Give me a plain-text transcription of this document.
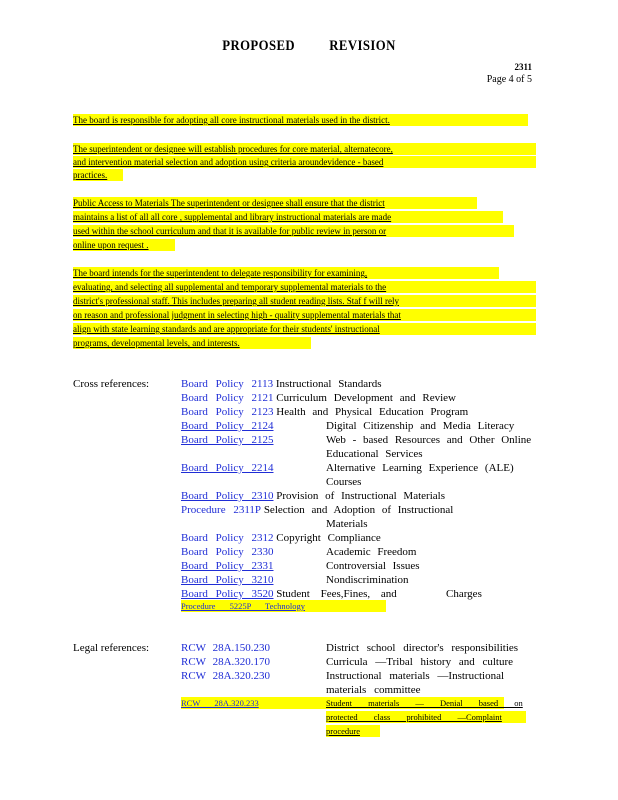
PROPOSED REVISION
2311
Page 4 of 5
The board is responsible for adopting all core instructional materials used in the district.
The superintendent or designee will establish procedures for core material, alternatecore,
and intervention material selection and adoption using criteria aroundevidence - based
practices.
Public Access to Materials The superintendent or designee shall ensure that the district
maintains a list of all all core , supplemental and library instructional materials are made
used within the school curriculum and that it is available for public review in person or
online upon request .
The board intends for the superintendent to delegate responsibility for examining,
evaluating, and selecting all supplemental and temporary supplemental materials to the
district's professional staff. This includes preparing all student reading lists. Staf f will rely
on reason and professional judgment in selecting high - quality supplemental materials that
align with state learning standards and are appropriate for their students' instructional
programs, developmental levels, and interests.
Cross references:	Board Policy 2113 Instructional Standards
Board Policy 2121 Curriculum Development and Review
Board Policy 2123 Health and Physical Education Program
Board Policy 2124	Digital Citizenship and Media Literacy
Board Policy 2125	Web - based Resources and Other Online
Educational Services
Board Policy 2214	Alternative Learning Experience (ALE)
Courses
Board Policy 2310 Provision of Instructional Materials
Procedure 2311P Selection and Adoption of Instructional
Materials
Board Policy 2312 Copyright Compliance
Board Policy 2330	Academic Freedom
Board Policy 2331	Controversial Issues
Board Policy 3210	Nondiscrimination
Board Policy 3520 Student Fees,Fines, and	Charges
Procedure 5225P Technology
Legal references:	RCW 28A.150.230	District school director's responsibilities
RCW 28A.320.170	Curricula —Tribal history and culture
RCW 28A.320.230	Instructional materials —Instructional
materials committee
RCW 28A.320.233	Student materials — Denial based on
protected class prohibited —Complaint
procedure
